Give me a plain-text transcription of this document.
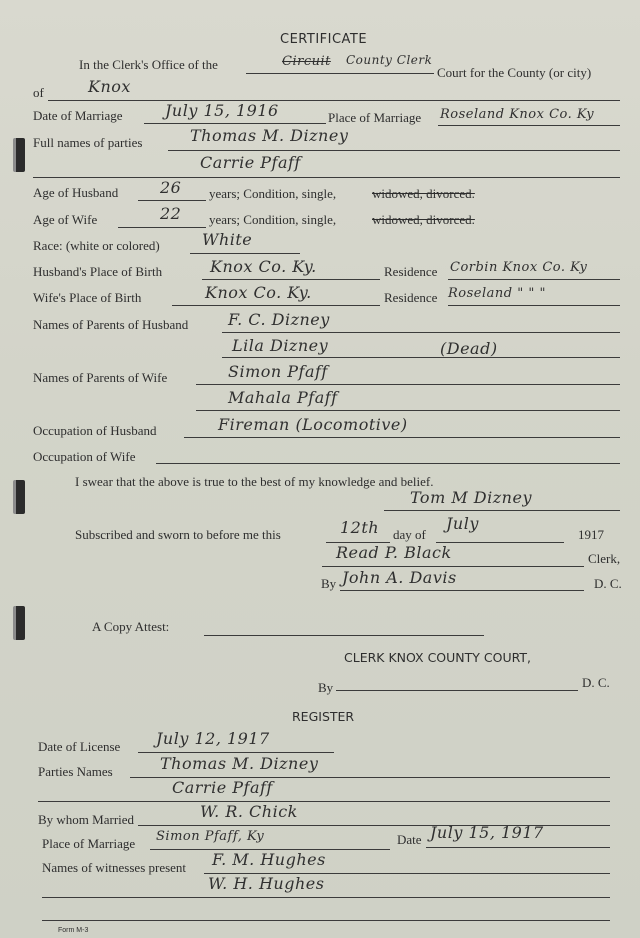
CERTIFICATE
In the Clerk's Office of the	Circuit County Clerk
Court for the County (or city)
of	Knox
Date of Marriage	July 15, 1916	Place of Marriage Roseland Knox Co. Ky
Full names of parties	Thomas M. Dizney
Carrie Pfaff
Age of Husband	26 years; Condition, single,	widowed, divorced.
Age of Wife	22 years; Condition, single,	widowed, divorced.
Race: (white or colored)	White
Husband's Place of Birth	Knox Co. Ky.	Residence Corbin Knox Co. Ky
Wife's Place of Birth	Knox Co. Ky.	Residence Roseland " " "
Names of Parents of Husband F. C. Dizney
Lila Dizney	(Dead)
Names of Parents of Wife	Simon Pfaff
Mahala Pfaff
Occupation of Husband	Fireman (Locomotive)
Occupation of Wife
I swear that the above is true to the best of my knowledge and belief.
Tom M Dizney
Subscribed and sworn to before me this	12th day of
July
1917
Read P. Black	Clerk,
By John A. Davis	D. C.
A Copy Attest:
CLERK KNOX COUNTY COURT,
By	D. C.
REGISTER
Date of License July 12, 1917
Parties Names	Thomas M. Dizney
Carrie Pfaff
By whom Married	W. R. Chick
Place of Marriage Simon Pfaff, Ky	Date July 15, 1917
Names of witnesses present F. M. Hughes
W. H. Hughes
Form M-3
